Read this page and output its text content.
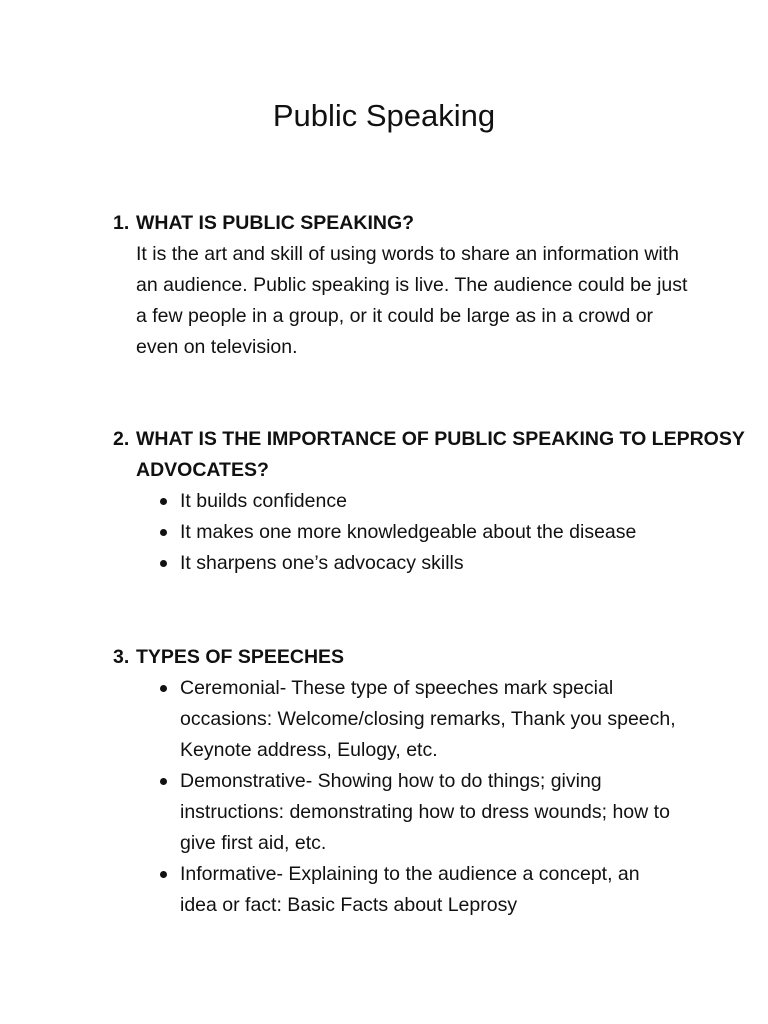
Public Speaking
1. WHAT IS PUBLIC SPEAKING?

It is the art and skill of using words to share an information with an audience. Public speaking is live. The audience could be just a few people in a group, or it could be large as in a crowd or even on television.

2. WHAT IS THE IMPORTANCE OF PUBLIC SPEAKING TO LEPROSY ADVOCATES?
It builds confidence
It makes one more knowledgeable about the disease
It sharpens one’s advocacy skills
3. TYPES OF SPEECHES
Ceremonial- These type of speeches mark special occasions: Welcome/closing remarks, Thank you speech, Keynote address, Eulogy, etc.
Demonstrative- Showing how to do things; giving instructions: demonstrating how to dress wounds; how to give first aid, etc.
Informative- Explaining to the audience a concept, an idea or fact: Basic Facts about Leprosy
